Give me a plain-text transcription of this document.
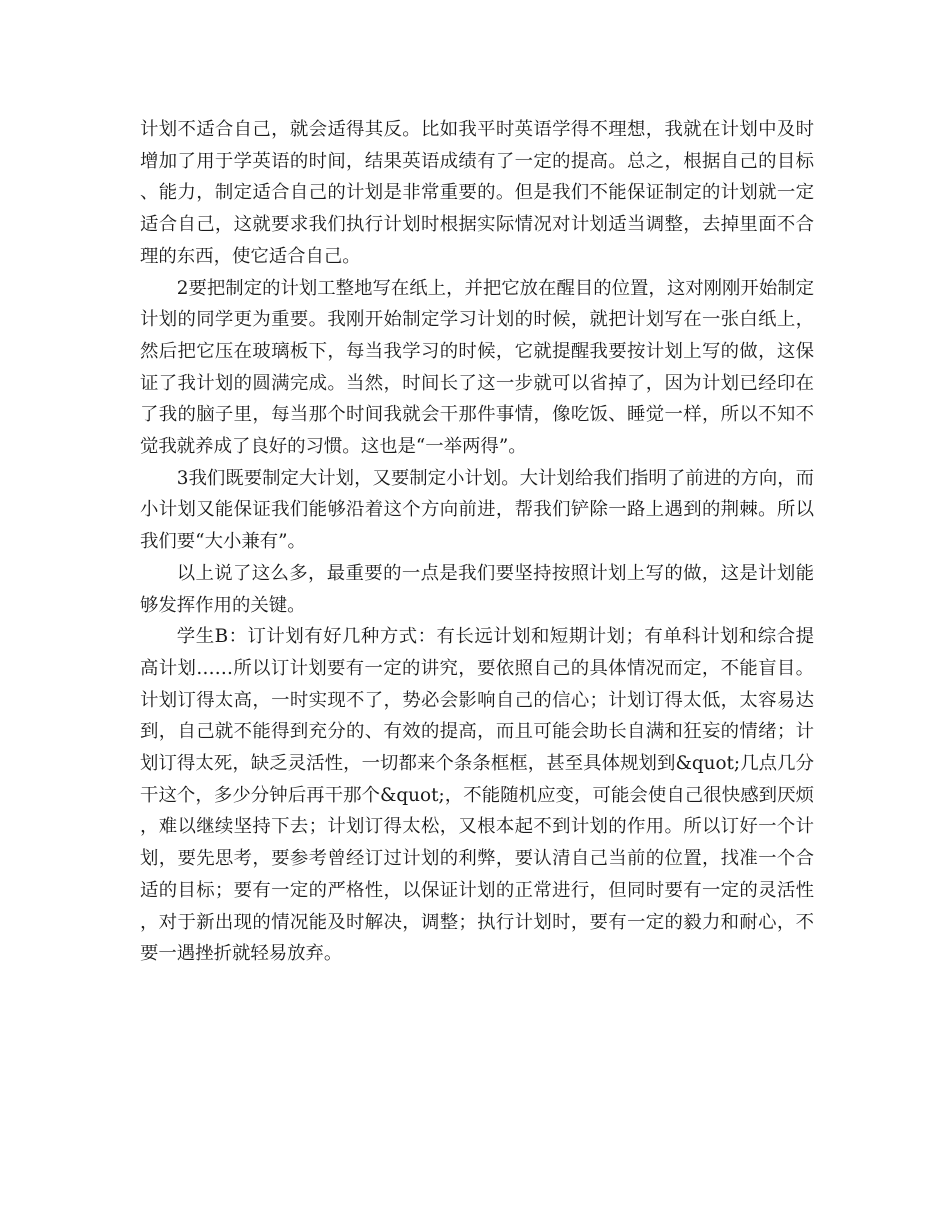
计划不适合自己，就会适得其反。比如我平时英语学得不理想，我就在计划中及时增加了用于学英语的时间，结果英语成绩有了一定的提高。总之，根据自己的目标、能力，制定适合自己的计划是非常重要的。但是我们不能保证制定的计划就一定适合自己，这就要求我们执行计划时根据实际情况对计划适当调整，去掉里面不合理的东西，使它适合自己。

2要把制定的计划工整地写在纸上，并把它放在醒目的位置，这对刚刚开始制定计划的同学更为重要。我刚开始制定学习计划的时候，就把计划写在一张白纸上，然后把它压在玻璃板下，每当我学习的时候，它就提醒我要按计划上写的做，这保证了我计划的圆满完成。当然，时间长了这一步就可以省掉了，因为计划已经印在了我的脑子里，每当那个时间我就会干那件事情，像吃饭、睡觉一样，所以不知不觉我就养成了良好的习惯。这也是“一举两得”。

3我们既要制定大计划，又要制定小计划。大计划给我们指明了前进的方向，而小计划又能保证我们能够沿着这个方向前进，帮我们铲除一路上遇到的荆棘。所以我们要“大小兼有”。

以上说了这么多，最重要的一点是我们要坚持按照计划上写的做，这是计划能够发挥作用的关键。

学生B：订计划有好几种方式：有长远计划和短期计划；有单科计划和综合提高计划……所以订计划要有一定的讲究，要依照自己的具体情况而定，不能盲目。计划订得太高，一时实现不了，势必会影响自己的信心；计划订得太低，太容易达到，自己就不能得到充分的、有效的提高，而且可能会助长自满和狂妄的情绪；计划订得太死，缺乏灵活性，一切都来个条条框框，甚至具体规划到&quot;几点几分干这个，多少分钟后再干那个&quot;，不能随机应变，可能会使自己很快感到厌烦，难以继续坚持下去；计划订得太松，又根本起不到计划的作用。所以订好一个计划，要先思考，要参考曾经订过计划的利弊，要认清自己当前的位置，找准一个合适的目标；要有一定的严格性，以保证计划的正常进行，但同时要有一定的灵活性，对于新出现的情况能及时解决，调整；执行计划时，要有一定的毅力和耐心，不要一遇挫折就轻易放弃。
